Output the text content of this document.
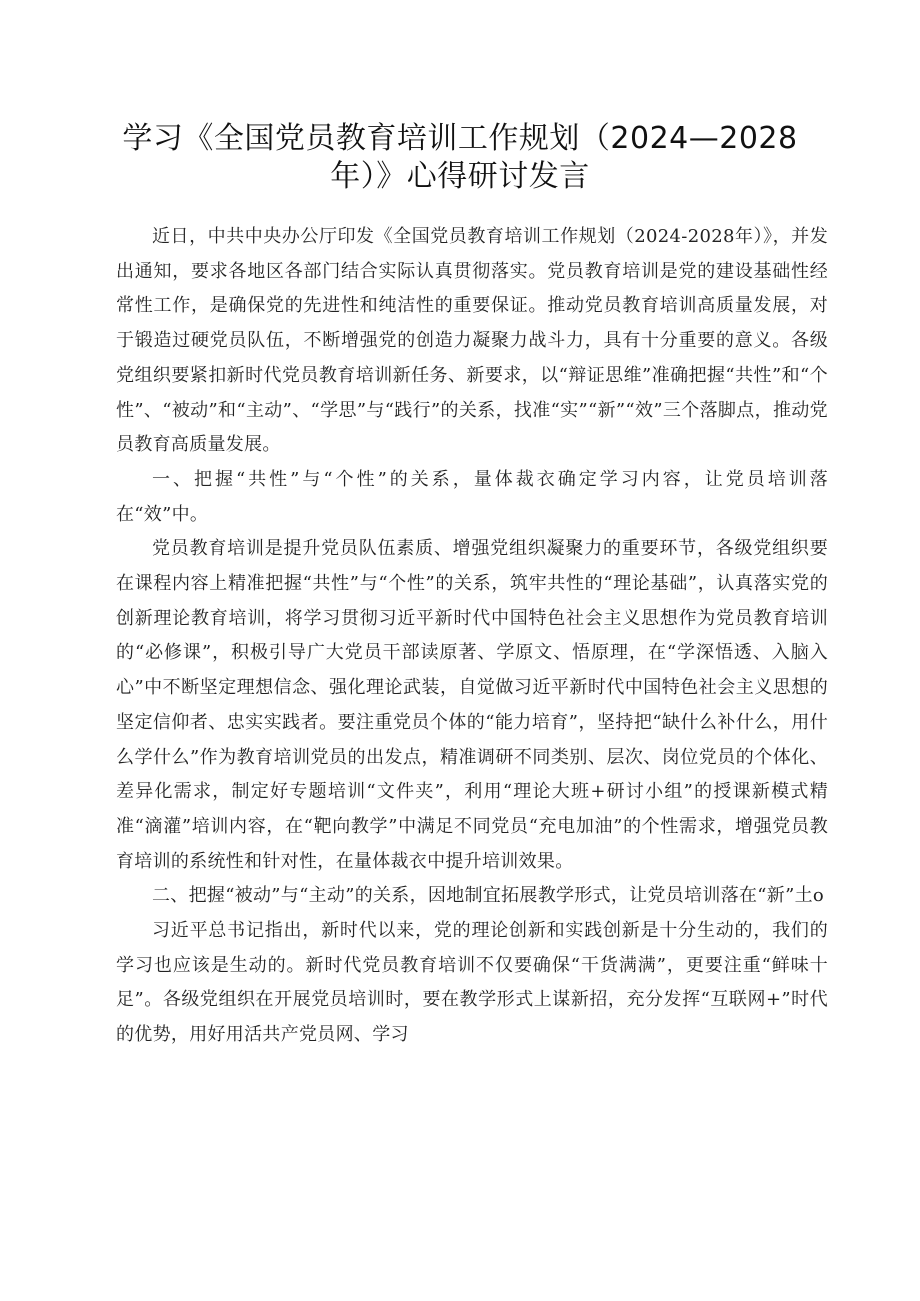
学习《全国党员教育培训工作规划（2024—2028
年）》心得研讨发言

近日，中共中央办公厅印发《全国党员教育培训工作规划（2024-2028年）》，并发出通知，要求各地区各部门结合实际认真贯彻落实。党员教育培训是党的建设基础性经常性工作，是确保党的先进性和纯洁性的重要保证。推动党员教育培训高质量发展，对于锻造过硬党员队伍，不断增强党的创造力凝聚力战斗力，具有十分重要的意义。各级党组织要紧扣新时代党员教育培训新任务、新要求，以“辩证思维”准确把握“共性”和“个性”、“被动”和“主动”、“学思”与“践行”的关系，找准“实”“新”“效”三个落脚点，推动党员教育高质量发展。

一、把握“共性”与“个性”的关系，量体裁衣确定学习内容，让党员培训落在“效”中。

党员教育培训是提升党员队伍素质、增强党组织凝聚力的重要环节，各级党组织要在课程内容上精准把握“共性”与“个性”的关系，筑牢共性的“理论基础”，认真落实党的创新理论教育培训，将学习贯彻习近平新时代中国特色社会主义思想作为党员教育培训的“必修课”，积极引导广大党员干部读原著、学原文、悟原理，在“学深悟透、入脑入心”中不断坚定理想信念、强化理论武装，自觉做习近平新时代中国特色社会主义思想的坚定信仰者、忠实实践者。要注重党员个体的“能力培育”，坚持把“缺什么补什么，用什么学什么”作为教育培训党员的出发点，精准调研不同类别、层次、岗位党员的个体化、差异化需求，制定好专题培训“文件夹”，利用“理论大班+研讨小组”的授课新模式精准“滴灌”培训内容，在“靶向教学”中满足不同党员“充电加油”的个性需求，增强党员教育培训的系统性和针对性，在量体裁衣中提升培训效果。

二、把握“被动”与“主动”的关系，因地制宜拓展教学形式，让党员培训落在“新”土o

习近平总书记指出，新时代以来，党的理论创新和实践创新是十分生动的，我们的学习也应该是生动的。新时代党员教育培训不仅要确保“干货满满”，更要注重“鲜味十足”。各级党组织在开展党员培训时，要在教学形式上谋新招，充分发挥“互联网+”时代的优势，用好用活共产党员网、学习
